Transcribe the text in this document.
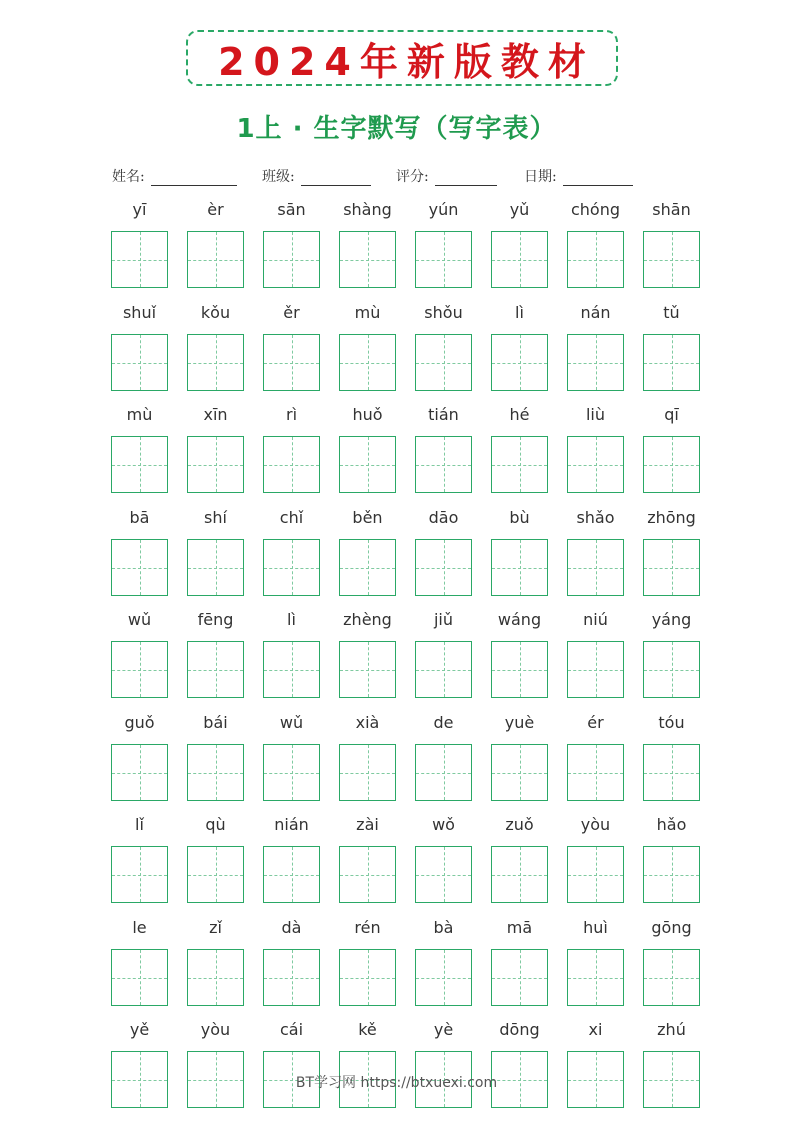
2024年新版教材
1上 · 生字默写（写字表）
姓名:	班级:	评分:	日期:
yī	èr	sān	shàng	yún	yǔ	chóng	shān
shuǐ	kǒu	ěr	mù	shǒu	lì	nán	tǔ
mù	xīn	rì	huǒ	tián	hé	liù	qī
bā	shí	chǐ	běn	dāo	bù	shǎo	zhōng
wǔ	fēng	lì	zhèng	jiǔ	wáng	niú	yáng
guǒ	bái	wǔ	xià	de	yuè	ér	tóu
lǐ	qù	nián	zài	wǒ	zuǒ	yòu	hǎo
le	zǐ	dà	rén	bà	mā	huì	gōng
yě	yòu	cái	kě	yè	dōng	xi	zhú
BT学习网 https://btxuexi.com
